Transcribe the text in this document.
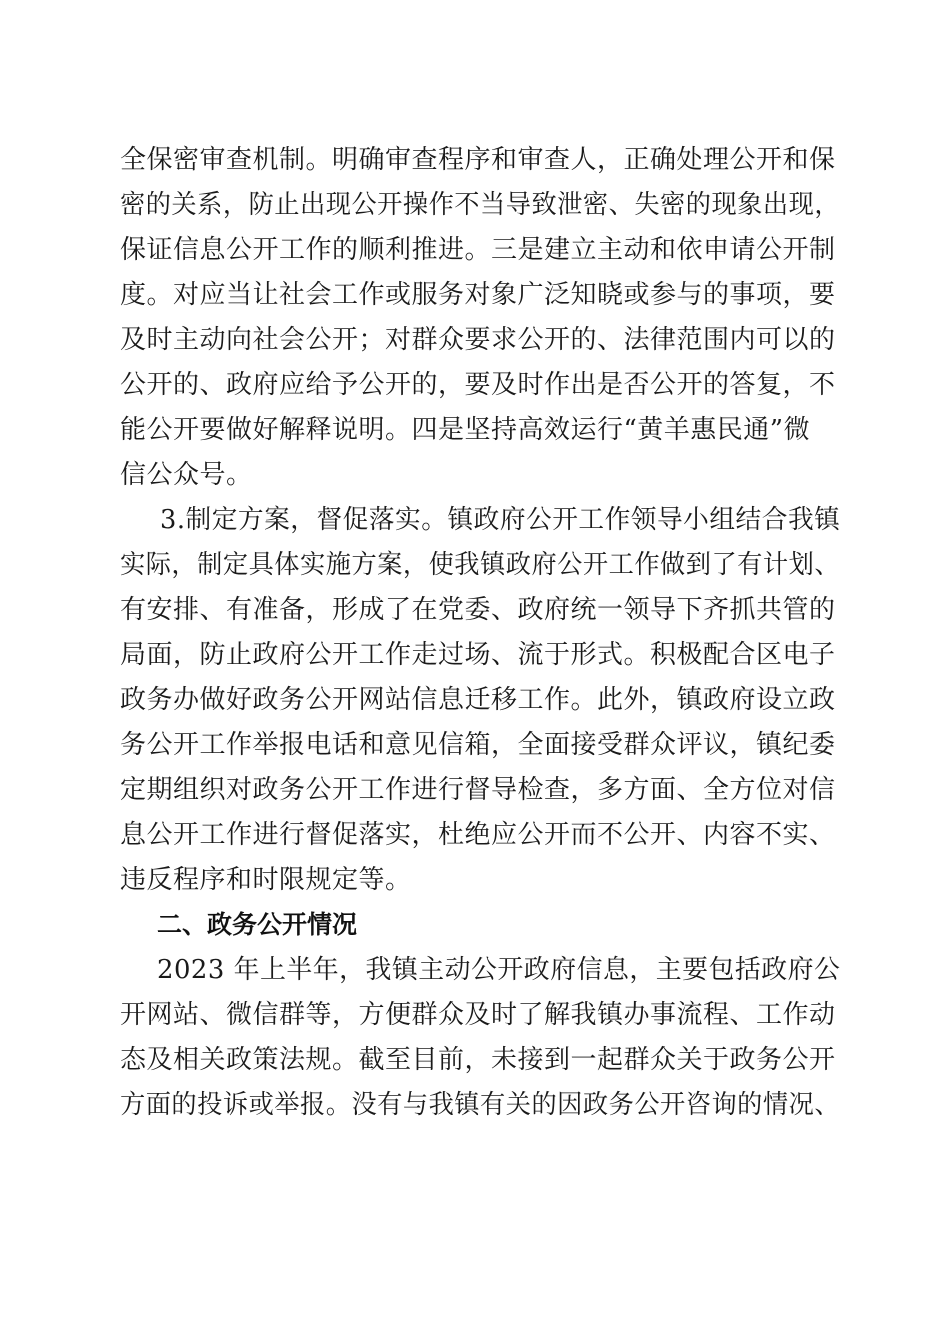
全保密审查机制。明确审查程序和审查人，正确处理公开和保
密的关系，防止出现公开操作不当导致泄密、失密的现象出现，
保证信息公开工作的顺利推进。三是建立主动和依申请公开制
度。对应当让社会工作或服务对象广泛知晓或参与的事项，要
及时主动向社会公开；对群众要求公开的、法律范围内可以的
公开的、政府应给予公开的，要及时作出是否公开的答复，不
能公开要做好解释说明。四是坚持高效运行“黄羊惠民通”微
信公众号。
3.制定方案，督促落实。镇政府公开工作领导小组结合我镇
实际，制定具体实施方案，使我镇政府公开工作做到了有计划、
有安排、有准备，形成了在党委、政府统一领导下齐抓共管的
局面，防止政府公开工作走过场、流于形式。积极配合区电子
政务办做好政务公开网站信息迁移工作。此外，镇政府设立政
务公开工作举报电话和意见信箱，全面接受群众评议，镇纪委
定期组织对政务公开工作进行督导检查，多方面、全方位对信
息公开工作进行督促落实，杜绝应公开而不公开、内容不实、
违反程序和时限规定等。
二、政务公开情况
2023 年上半年，我镇主动公开政府信息，主要包括政府公
开网站、微信群等，方便群众及时了解我镇办事流程、工作动
态及相关政策法规。截至目前，未接到一起群众关于政务公开
方面的投诉或举报。没有与我镇有关的因政务公开咨询的情况、
